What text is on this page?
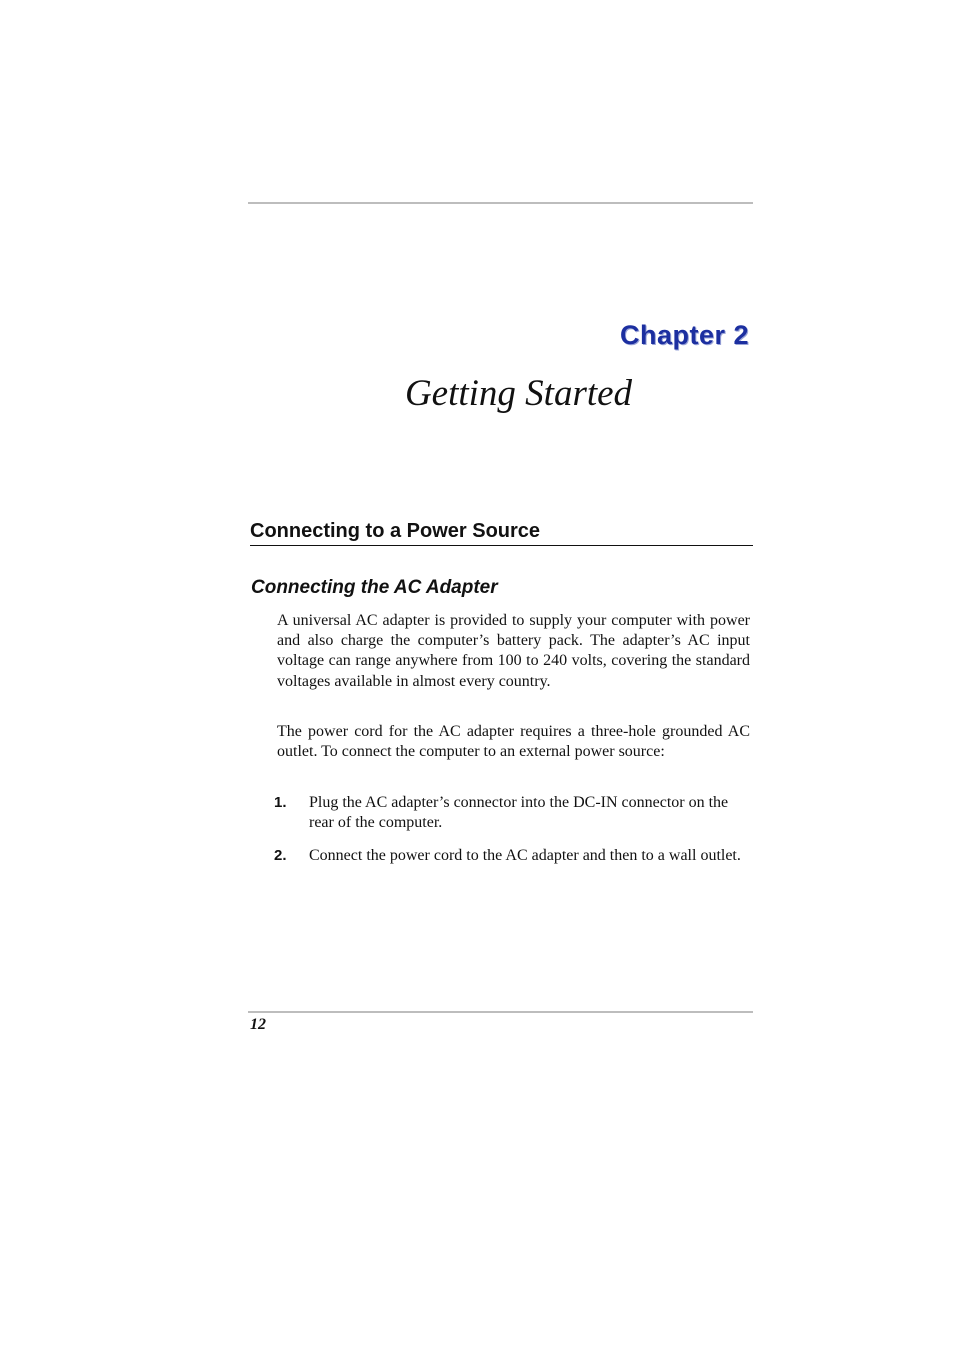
Chapter 2
Getting Started
Connecting to a Power Source
Connecting the AC Adapter

A universal AC adapter is provided to supply your computer with power and also charge the computer’s battery pack. The adapter’s AC input voltage can range anywhere from 100 to 240 volts, covering the standard voltages available in almost every country.

The power cord for the AC adapter requires a three-hole grounded AC outlet. To connect the computer to an external power source:

1. Plug the AC adapter’s connector into the DC-IN connector on the rear of the computer.
2. Connect the power cord to the AC adapter and then to a wall outlet.
12
